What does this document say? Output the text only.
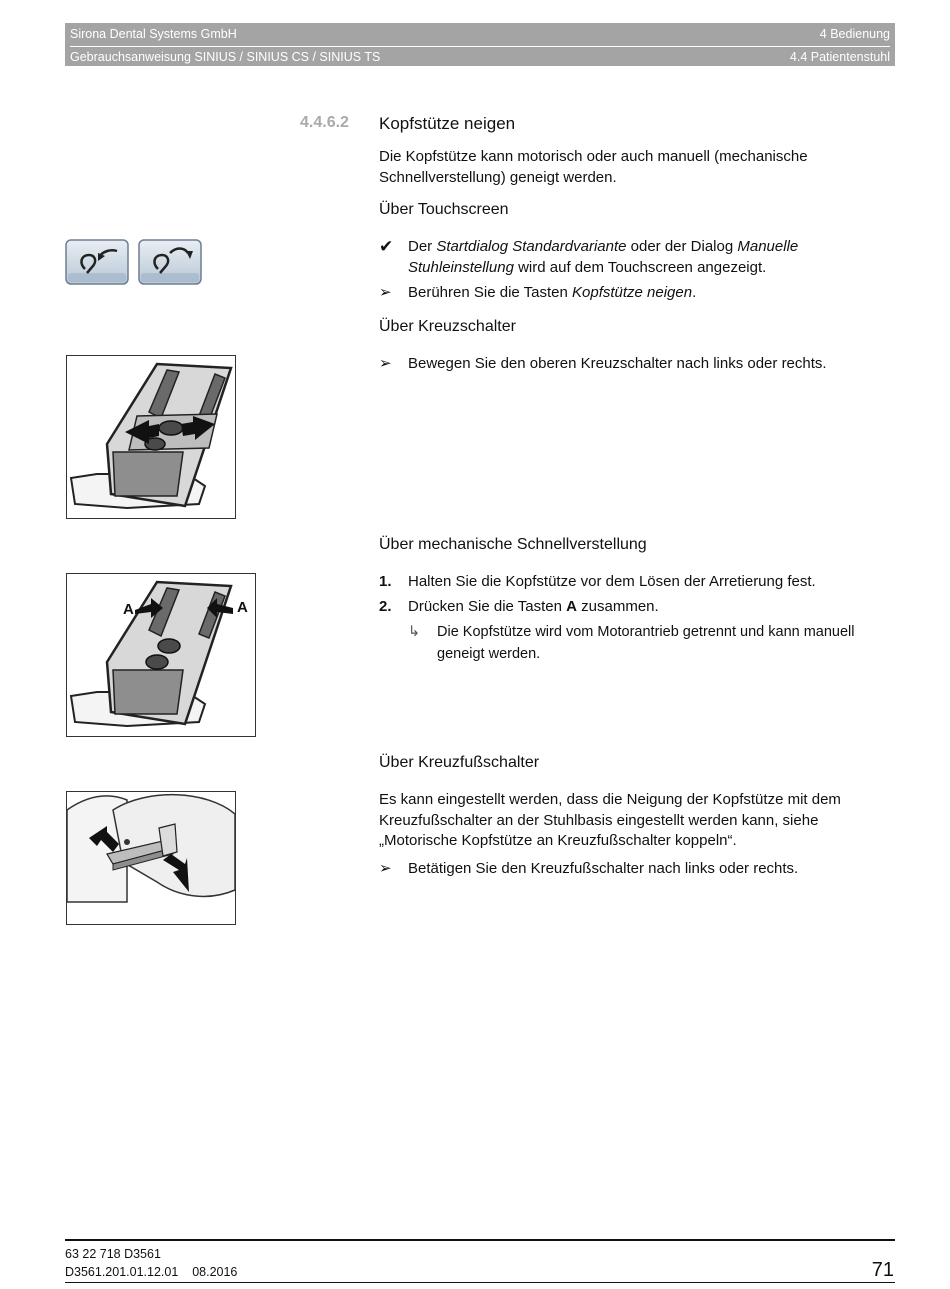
Sirona Dental Systems GmbH	4 Bedienung
Gebrauchsanweisung SINIUS / SINIUS CS / SINIUS TS	4.4 Patientenstuhl
4.4.6.2 Kopfstütze neigen
Die Kopfstütze kann motorisch oder auch manuell (mechanische
Schnellverstellung) geneigt werden.
Über Touchscreen
✔ Der Startdialog Standardvariante oder der Dialog Manuelle
Stuhleinstellung wird auf dem Touchscreen angezeigt.
➢	Berühren Sie die Tasten Kopfstütze neigen.
Über Kreuzschalter
➢	Bewegen Sie den oberen Kreuzschalter nach links oder rechts.
Über mechanische Schnellverstellung
1.	Halten Sie die Kopfstütze vor dem Lösen der Arretierung fest.
2.	Drücken Sie die Tasten A zusammen.
↳	Die Kopfstütze wird vom Motorantrieb getrennt und kann manuell
geneigt werden.
A	A
Über Kreuzfußschalter
Es kann eingestellt werden, dass die Neigung der Kopfstütze mit dem
Kreuzfußschalter an der Stuhlbasis eingestellt werden kann, siehe
„Motorische Kopfstütze an Kreuzfußschalter koppeln“.
➢	Betätigen Sie den Kreuzfußschalter nach links oder rechts.
63 22 718 D3561
D3561.201.01.12.01 08.2016	71
